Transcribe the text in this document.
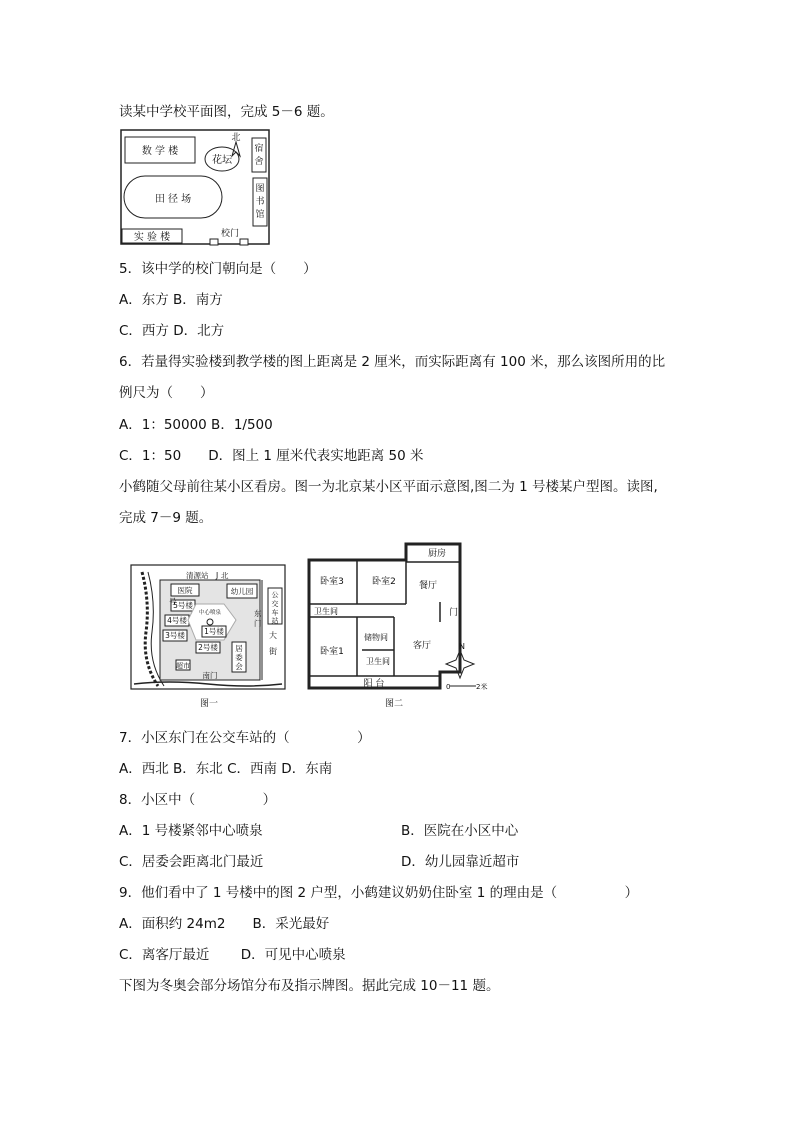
读某中学校平面图，完成 5－6 题。
数 学 楼
花坛
北
宿
舍
田 径 场
图
书
馆
实 验 楼	校门
5．该中学的校门朝向是（　　）
A．东方 B．南方
C．西方 D．北方
6．若量得实验楼到教学楼的图上距离是 2 厘米，而实际距离有 100 米，那么该图所用的比
例尺为（　　）
A．1：50000 B．1/500
C．1：50　　D．图上 1 厘米代表实地距离 50 米
小鹤随父母前往某小区看房。图一为北京某小区平面示意图,图二为 1 号楼某户型图。读图,
完成 7－9 题。
清源站 J 北
医院	幼儿园
5号楼
号
4号楼
中心喷泉
3号楼	1号楼
2号楼 居
委
会
超市
东
门
公
交
车
站
大
街
南门
图一
厨房
卧室3	卧室2	餐厅
卫生间
储物间
卧室1
客厅
卫生间
阳 台
门
N
0	2米
图二
7．小区东门在公交车站的（　　　　　）
A．西北 B．东北 C．西南 D．东南
8．小区中（　　　　　）
A．1 号楼紧邻中心喷泉	B．医院在小区中心
C．居委会距离北门最近	D．幼儿园靠近超市
9．他们看中了 1 号楼中的图 2 户型，小鹤建议奶奶住卧室 1 的理由是（　　　　　）
A．面积约 24m2　　B．采光最好
C．离客厅最近　　 D．可见中心喷泉
下图为冬奥会部分场馆分布及指示牌图。据此完成 10－11 题。
